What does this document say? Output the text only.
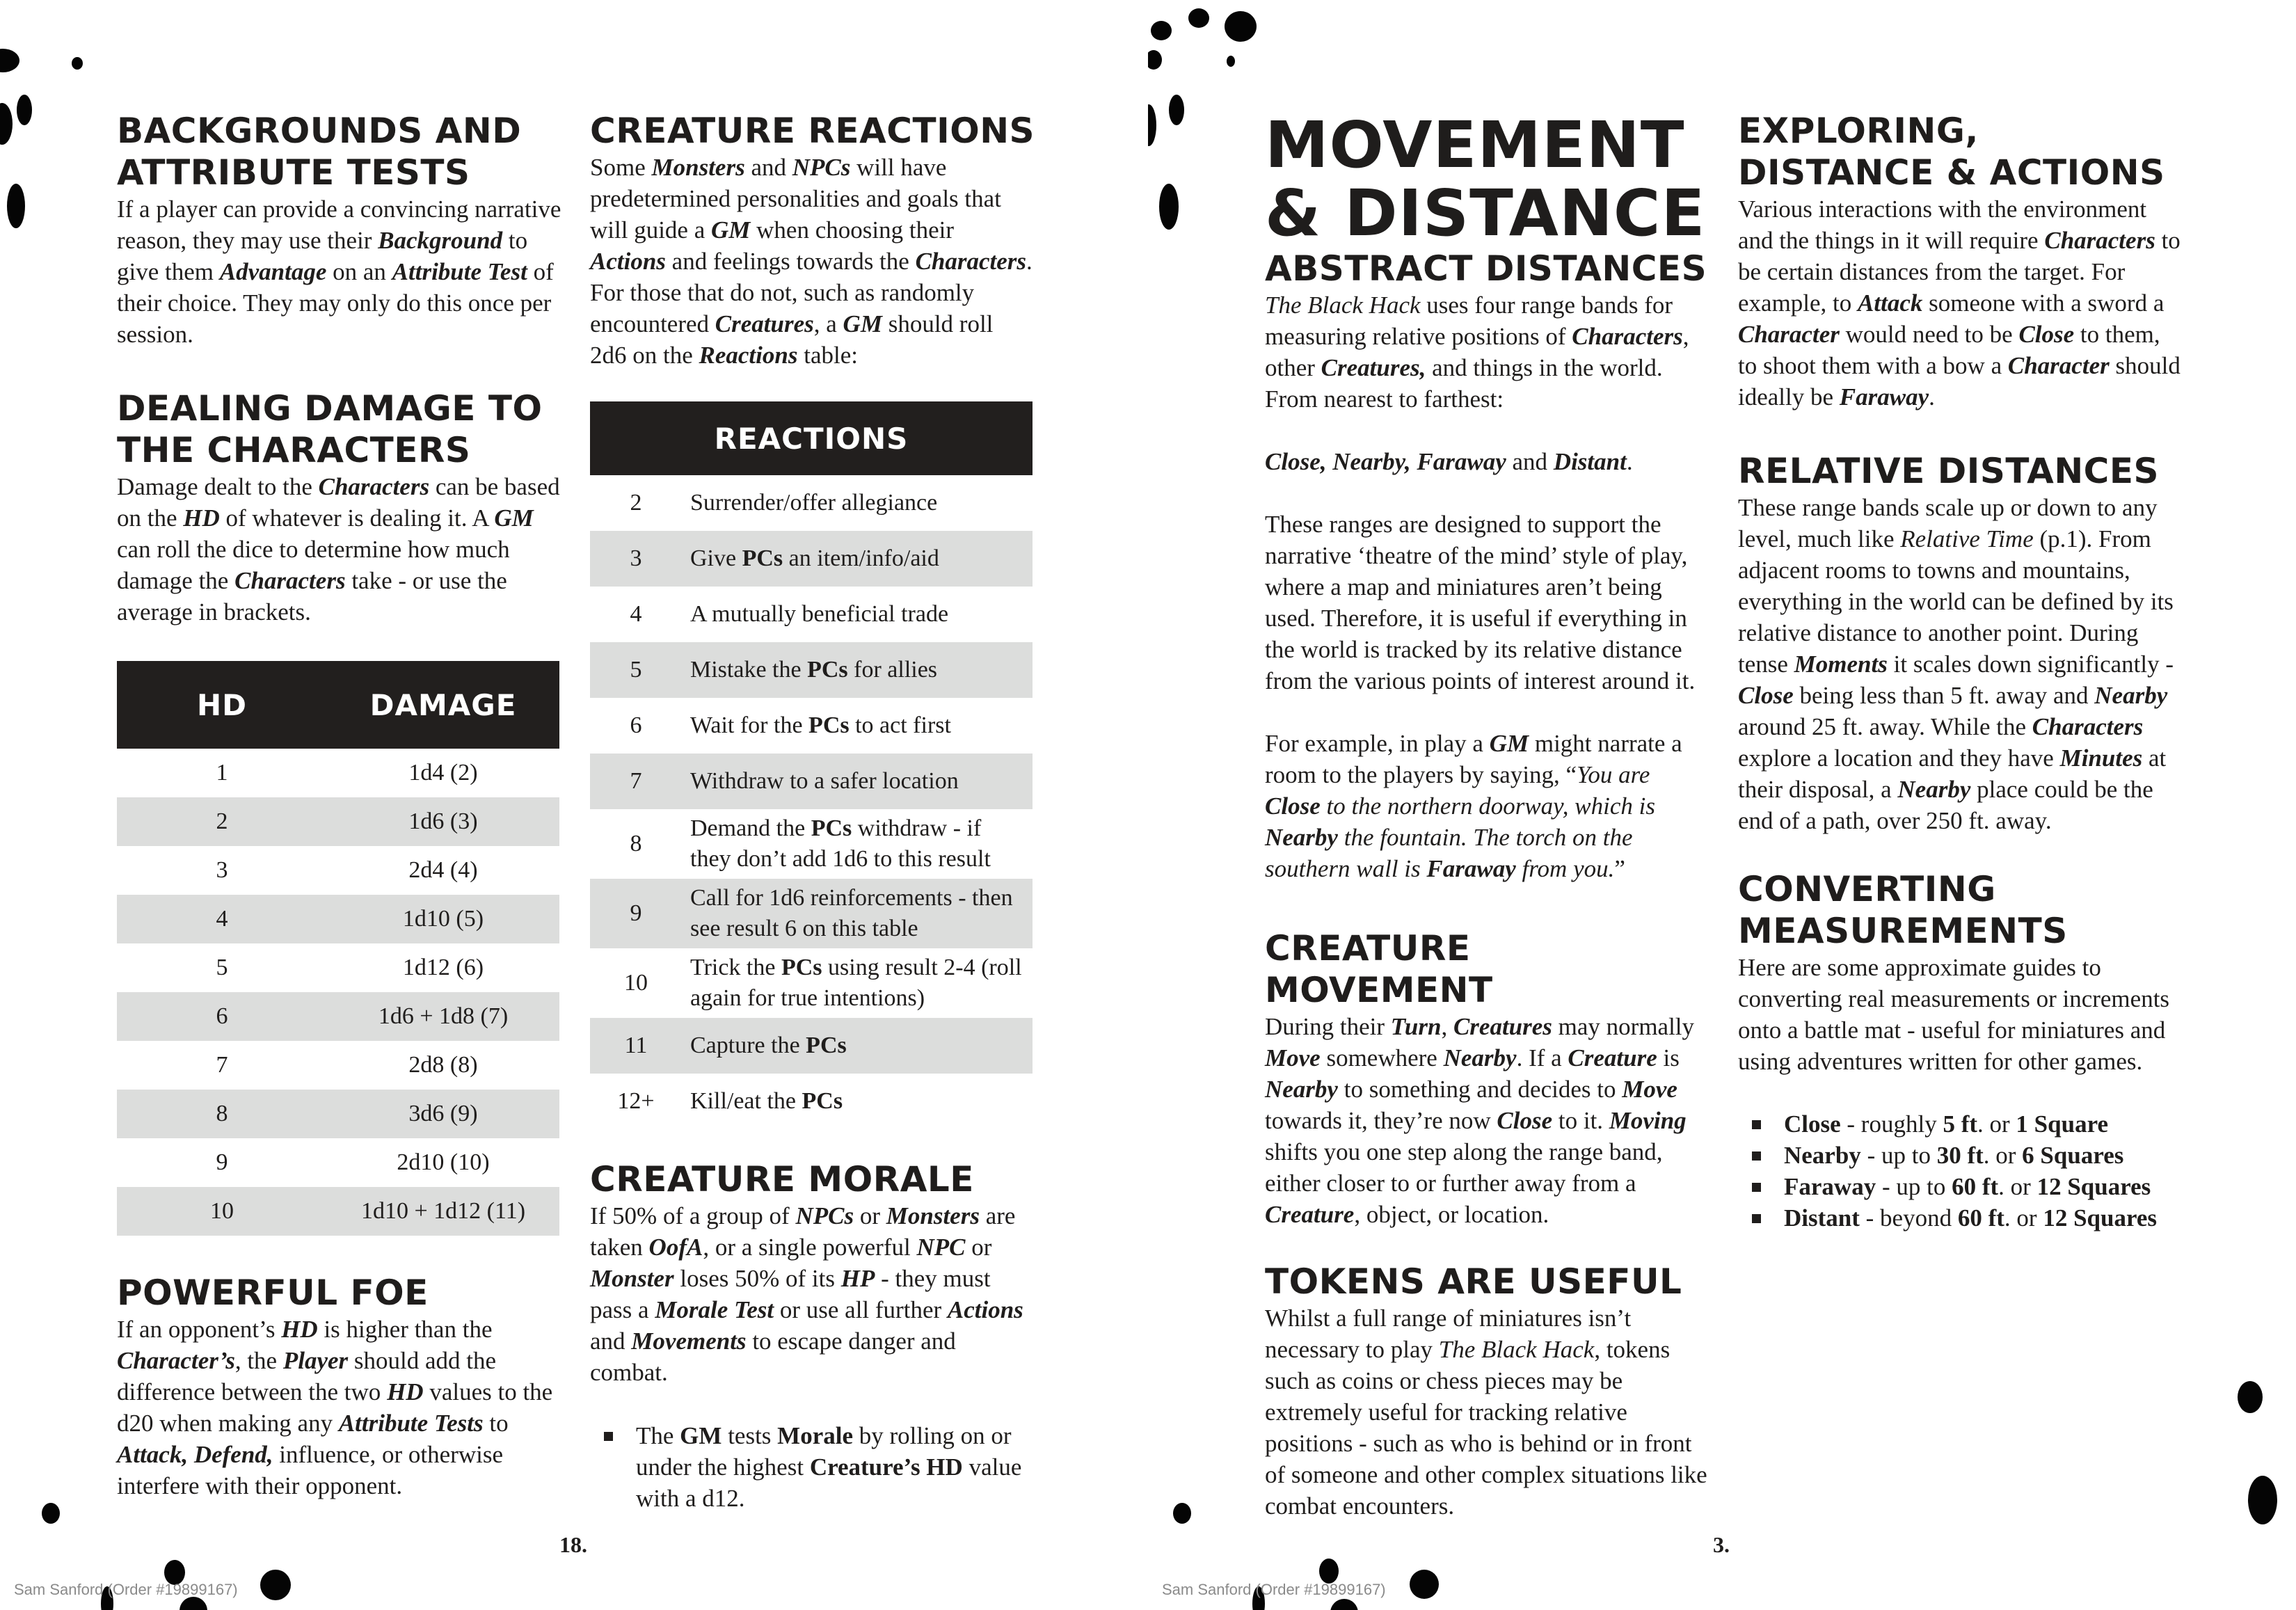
BACKGROUNDS AND ATTRIBUTE TESTS

If a player can provide a convincing narrative reason, they may use their Background to give them Advantage on an Attribute Test of their choice. They may only do this once per session.

DEALING DAMAGE TO THE CHARACTERS

Damage dealt to the Characters can be based on the HD of whatever is dealing it. A GM can roll the dice to determine how much damage the Characters take - or use the average in brackets.

HD	DAMAGE
1	1d4 (2)
2	1d6 (3)
3	2d4 (4)
4	1d10 (5)
5	1d12 (6)
6	1d6 + 1d8 (7)
7	2d8 (8)
8	3d6 (9)
9	2d10 (10)
10	1d10 + 1d12 (11)
POWERFUL FOE

If an opponent’s HD is higher than the Character’s, the Player should add the difference between the two HD values to the d20 when making any Attribute Tests to Attack, Defend, influence, or otherwise interfere with their opponent.

CREATURE REACTIONS

Some Monsters and NPCs will have predetermined personalities and goals that will guide a GM when choosing their Actions and feelings towards the Characters. For those that do not, such as randomly encountered Creatures, a GM should roll 2d6 on the Reactions table:

REACTIONS	
2	Surrender/offer allegiance
3	Give PCs an item/info/aid
4	A mutually beneficial trade
5	Mistake the PCs for allies
6	Wait for the PCs to act first
7	Withdraw to a safer location
8	Demand the PCs withdraw - if they don’t add 1d6 to this result
9	Call for 1d6 reinforcements - then see result 6 on this table
10	Trick the PCs using result 2-4 (roll again for true intentions)
11	Capture the PCs
12+	Kill/eat the PCs
CREATURE MORALE

If 50% of a group of NPCs or Monsters are taken OofA, or a single powerful NPC or Monster loses 50% of its HP - they must pass a Morale Test or use all further Actions and Movements to escape danger and combat.

The GM tests Morale by rolling on or under the highest Creature’s HD value with a d12.
18.
Sam Sanford (Order #19899167)
MOVEMENT & DISTANCE
ABSTRACT DISTANCES

The Black Hack uses four range bands for measuring relative positions of Characters, other Creatures, and things in the world. From nearest to farthest:

Close, Nearby, Faraway and Distant.

These ranges are designed to support the narrative ‘theatre of the mind’ style of play, where a map and miniatures aren’t being used. Therefore, it is useful if everything in the world is tracked by its relative distance from the various points of interest around it.

For example, in play a GM might narrate a room to the players by saying, “You are Close to the northern doorway, which is Nearby the fountain. The torch on the southern wall is Faraway from you.”

CREATURE MOVEMENT

During their Turn, Creatures may normally Move somewhere Nearby. If a Creature is Nearby to something and decides to Move towards it, they’re now Close to it. Moving shifts you one step along the range band, either closer to or further away from a Creature, object, or location.

TOKENS ARE USEFUL

Whilst a full range of miniatures isn’t necessary to play The Black Hack, tokens such as coins or chess pieces may be extremely useful for tracking relative positions - such as who is behind or in front of someone and other complex situations like combat encounters.

EXPLORING, DISTANCE & ACTIONS

Various interactions with the environment and the things in it will require Characters to be certain distances from the target. For example, to Attack someone with a sword a Character would need to be Close to them, to shoot them with a bow a Character should ideally be Faraway.

RELATIVE DISTANCES

These range bands scale up or down to any level, much like Relative Time (p.1). From adjacent rooms to towns and mountains, everything in the world can be defined by its relative distance to another point. During tense Moments it scales down significantly - Close being less than 5 ft. away and Nearby around 25 ft. away. While the Characters explore a location and they have Minutes at their disposal, a Nearby place could be the end of a path, over 250 ft. away.

CONVERTING MEASUREMENTS

Here are some approximate guides to converting real measurements or increments onto a battle mat - useful for miniatures and using adventures written for other games.

Close - roughly 5 ft. or 1 Square
Nearby - up to 30 ft. or 6 Squares
Faraway - up to 60 ft. or 12 Squares
Distant - beyond 60 ft. or 12 Squares
3.
Sam Sanford (Order #19899167)
